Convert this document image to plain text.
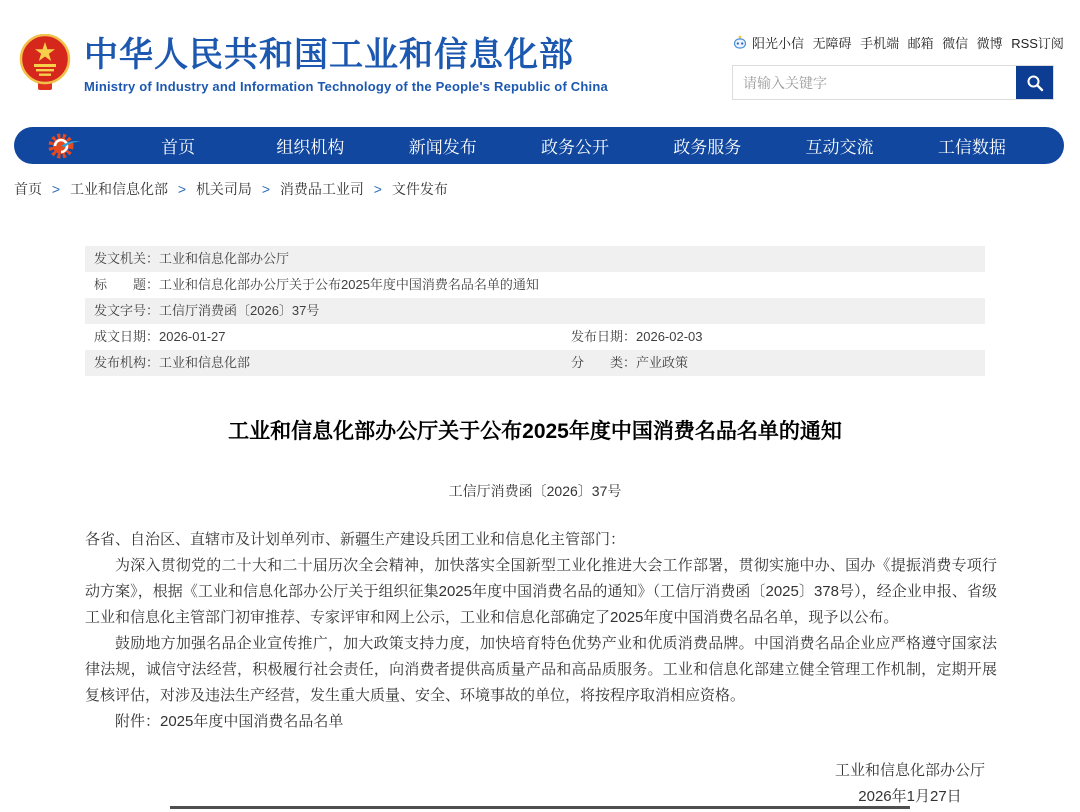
中华人民共和国工业和信息化部
Ministry of Industry and Information Technology of the People's Republic of China
阳光小信 无障碍 手机端 邮箱 微信 微博 RSS订阅
请输入关键字
首页	组织机构	新闻发布	政务公开	政务服务	互动交流	工信数据
首页 > 工业和信息化部 > 机关司局 > 消费品工业司 > 文件发布
发文机关：工业和信息化部办公厅
标　　题：工业和信息化部办公厅关于公布2025年度中国消费名品名单的通知
发文字号：工信厅消费函〔2026〕37号
成文日期：2026-01-27	发布日期：2026-02-03
发布机构：工业和信息化部	分　　类：产业政策
工业和信息化部办公厅关于公布2025年度中国消费名品名单的通知
工信厅消费函〔2026〕37号

各省、自治区、直辖市及计划单列市、新疆生产建设兵团工业和信息化主管部门：

为深入贯彻党的二十大和二十届历次全会精神，加快落实全国新型工业化推进大会工作部署，贯彻实施中办、国办《提振消费专项行动方案》，根据《工业和信息化部办公厅关于组织征集2025年度中国消费名品的通知》（工信厅消费函〔2025〕378号），经企业申报、省级工业和信息化主管部门初审推荐、专家评审和网上公示，工业和信息化部确定了2025年度中国消费名品名单，现予以公布。

鼓励地方加强名品企业宣传推广，加大政策支持力度，加快培育特色优势产业和优质消费品牌。中国消费名品企业应严格遵守国家法律法规，诚信守法经营，积极履行社会责任，向消费者提供高质量产品和高品质服务。工业和信息化部建立健全管理工作机制，定期开展复核评估，对涉及违法生产经营，发生重大质量、安全、环境事故的单位，将按程序取消相应资格。

附件：2025年度中国消费名品名单

工业和信息化部办公厅
2026年1月27日
